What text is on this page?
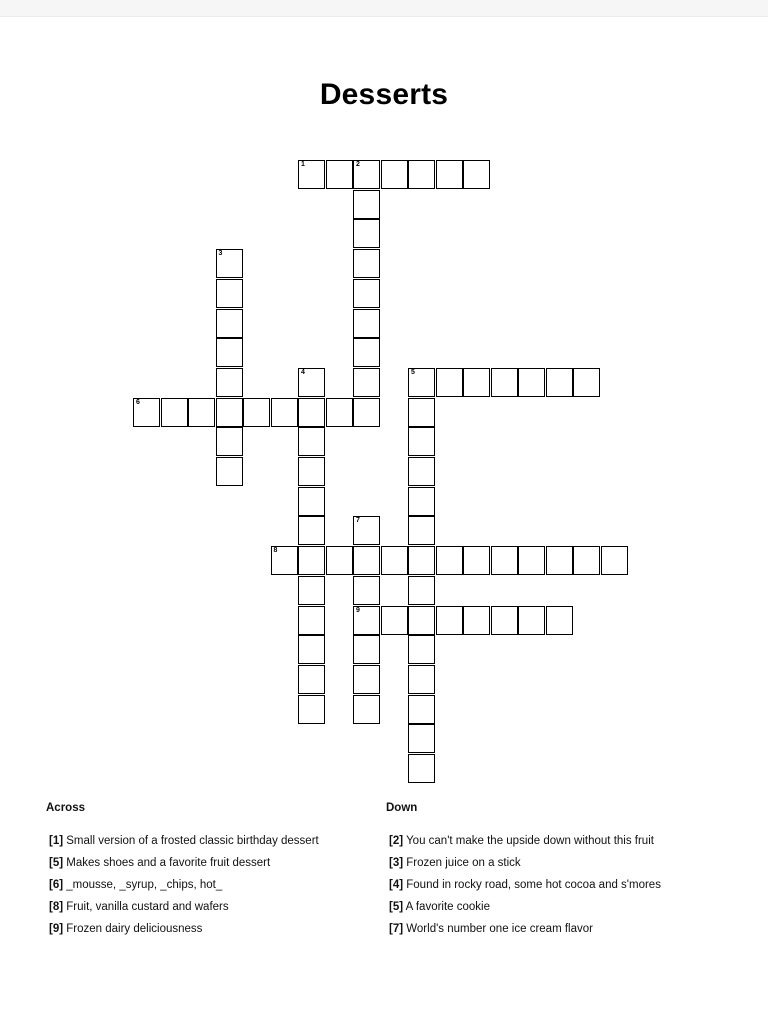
Desserts
1	2
3
4	5
6
7
9
8
Across
[1] Small version of a frosted classic birthday dessert
[5] Makes shoes and a favorite fruit dessert
[6] _mousse, _syrup, _chips, hot_
[8] Fruit, vanilla custard and wafers
[9] Frozen dairy deliciousness
Down
[2] You can't make the upside down without this fruit
[3] Frozen juice on a stick
[4] Found in rocky road, some hot cocoa and s'mores
[5] A favorite cookie
[7] World's number one ice cream flavor
